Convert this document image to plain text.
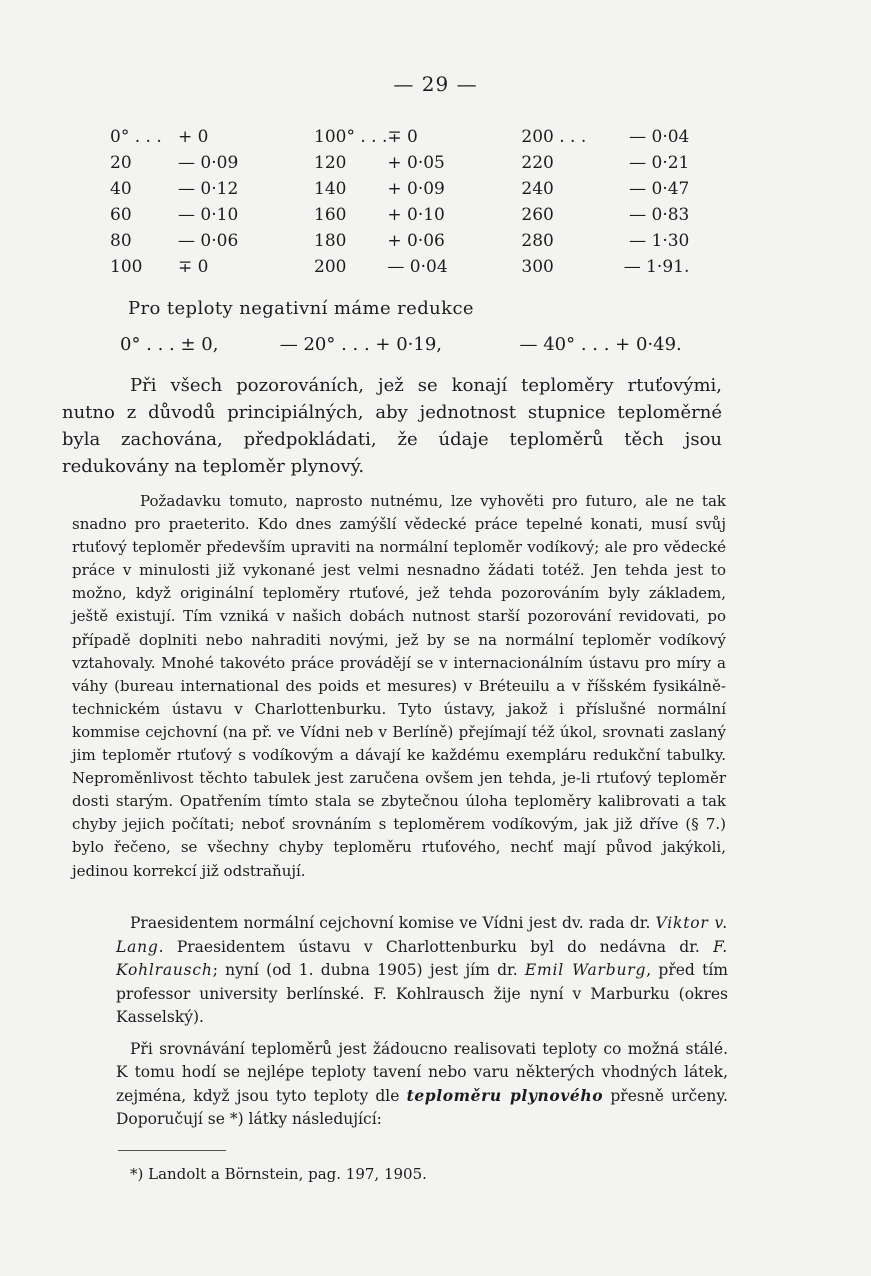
— 29 —
0° . . .	+ 0	100° . . .	∓ 0	200 . . .	— 0·04
20	— 0·09	120	+ 0·05	220	— 0·21
40	— 0·12	140	+ 0·09	240	— 0·47
60	— 0·10	160	+ 0·10	260	— 0·83
80	— 0·06	180	+ 0·06	280	— 1·30
100	∓ 0	200	— 0·04	300	— 1·91.
Pro teploty negativní máme redukce
0° . . . ± 0,	— 20° . . . + 0·19,	— 40° . . . + 0·49.
Při všech pozorováních, jež se konají teploměry rtuťovými, nutno z důvodů principiálných, aby jednotnost stupnice teploměrné byla zachována, předpokládati, že údaje teploměrů těch jsou redukovány na teploměr plynový.
Požadavku tomuto, naprosto nutnému, lze vyhověti pro futuro, ale ne tak snadno pro praeterito. Kdo dnes zamýšlí vědecké práce tepelné konati, musí svůj rtuťový teploměr především upraviti na normální teploměr vodíkový; ale pro vědecké práce v minulosti již vykonané jest velmi nesnadno žádati totéž. Jen tehda jest to možno, když originální teploměry rtuťové, jež tehda pozorováním byly základem, ještě existují. Tím vzniká v našich dobách nutnost starší pozorování revidovati, po případě doplniti nebo nahraditi novými, jež by se na normální teploměr vodíkový vztahovaly. Mnohé takovéto práce provádějí se v internacionálním ústavu pro míry a váhy (bureau international des poids et mesures) v Bréteuilu a v říšském fysikálně-technickém ústavu v Charlottenburku. Tyto ústavy, jakož i příslušné normální kommise cejchovní (na př. ve Vídni neb v Berlíně) přejímají též úkol, srovnati zaslaný jim teploměr rtuťový s vodíkovým a dávají ke každému exempláru redukční tabulky. Neproměnlivost těchto tabulek jest zaručena ovšem jen tehda, je-li rtuťový teploměr dosti starým. Opatřením tímto stala se zbytečnou úloha teploměry kalibrovati a tak chyby jejich počítati; neboť srovnáním s teploměrem vodíkovým, jak již dříve (§ 7.) bylo řečeno, se všechny chyby teploměru rtuťového, nechť mají původ jakýkoli, jedinou korrekcí již odstraňují.
Praesidentem normální cejchovní komise ve Vídni jest dv. rada dr. Viktor v. Lang. Praesidentem ústavu v Charlottenburku byl do nedávna dr. F. Kohlrausch; nyní (od 1. dubna 1905) jest jím dr. Emil Warburg, před tím professor university berlínské. F. Kohlrausch žije nyní v Marburku (okres Kasselský).
Při srovnávání teploměrů jest žádoucno realisovati teploty co možná stálé. K tomu hodí se nejlépe teploty tavení nebo varu některých vhodných látek, zejména, když jsou tyto teploty dle teploměru plynového přesně určeny. Doporučují se *) látky následující:
*) Landolt a Börnstein, pag. 197, 1905.
